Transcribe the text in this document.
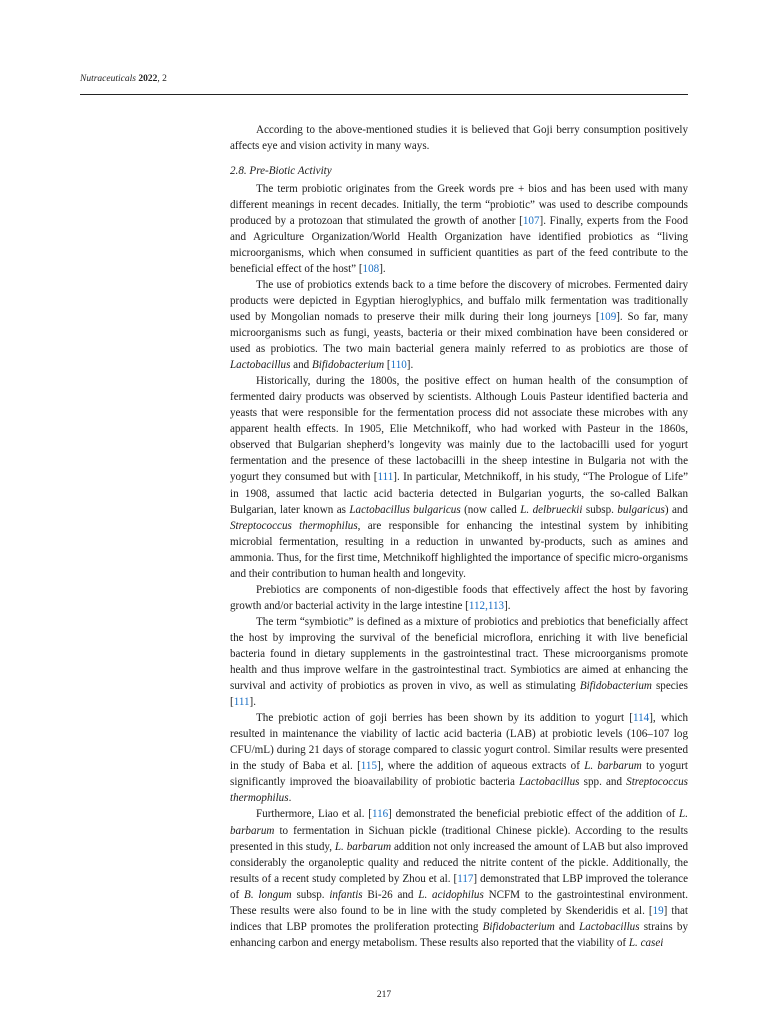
Nutraceuticals 2022, 2

According to the above-mentioned studies it is believed that Goji berry consumption positively affects eye and vision activity in many ways.

2.8. Pre-Biotic Activity

The term probiotic originates from the Greek words pre + bios and has been used with many different meanings in recent decades. Initially, the term “probiotic” was used to describe compounds produced by a protozoan that stimulated the growth of another [107]. Finally, experts from the Food and Agriculture Organization/World Health Organization have identified probiotics as “living microorganisms, which when consumed in sufficient quantities as part of the feed contribute to the beneficial effect of the host” [108].

The use of probiotics extends back to a time before the discovery of microbes. Fermented dairy products were depicted in Egyptian hieroglyphics, and buffalo milk fermentation was traditionally used by Mongolian nomads to preserve their milk during their long journeys [109]. So far, many microorganisms such as fungi, yeasts, bacteria or their mixed combination have been considered or used as probiotics. The two main bacterial genera mainly referred to as probiotics are those of Lactobacillus and Bifidobacterium [110].

Historically, during the 1800s, the positive effect on human health of the consumption of fermented dairy products was observed by scientists. Although Louis Pasteur identified bacteria and yeasts that were responsible for the fermentation process did not associate these microbes with any apparent health effects. In 1905, Elie Metchnikoff, who had worked with Pasteur in the 1860s, observed that Bulgarian shepherd’s longevity was mainly due to the lactobacilli used for yogurt fermentation and the presence of these lactobacilli in the sheep intestine in Bulgaria not with the yogurt they consumed but with [111]. In particular, Metchnikoff, in his study, “The Prologue of Life” in 1908, assumed that lactic acid bacteria detected in Bulgarian yogurts, the so-called Balkan Bulgarian, later known as Lactobacillus bulgaricus (now called L. delbrueckii subsp. bulgaricus) and Streptococcus thermophilus, are responsible for enhancing the intestinal system by inhibiting microbial fermentation, resulting in a reduction in unwanted by-products, such as amines and ammonia. Thus, for the first time, Metchnikoff highlighted the importance of specific micro-organisms and their contribution to human health and longevity.

Prebiotics are components of non-digestible foods that effectively affect the host by favoring growth and/or bacterial activity in the large intestine [112,113].

The term “symbiotic” is defined as a mixture of probiotics and prebiotics that beneficially affect the host by improving the survival of the beneficial microflora, enriching it with live beneficial bacteria found in dietary supplements in the gastrointestinal tract. These microorganisms promote health and thus improve welfare in the gastrointestinal tract. Symbiotics are aimed at enhancing the survival and activity of probiotics as proven in vivo, as well as stimulating Bifidobacterium species [111].

The prebiotic action of goji berries has been shown by its addition to yogurt [114], which resulted in maintenance the viability of lactic acid bacteria (LAB) at probiotic levels (106–107 log CFU/mL) during 21 days of storage compared to classic yogurt control. Similar results were presented in the study of Baba et al. [115], where the addition of aqueous extracts of L. barbarum to yogurt significantly improved the bioavailability of probiotic bacteria Lactobacillus spp. and Streptococcus thermophilus.

Furthermore, Liao et al. [116] demonstrated the beneficial prebiotic effect of the addition of L. barbarum to fermentation in Sichuan pickle (traditional Chinese pickle). According to the results presented in this study, L. barbarum addition not only increased the amount of LAB but also improved considerably the organoleptic quality and reduced the nitrite content of the pickle. Additionally, the results of a recent study completed by Zhou et al. [117] demonstrated that LBP improved the tolerance of B. longum subsp. infantis Bi-26 and L. acidophilus NCFM to the gastrointestinal environment. These results were also found to be in line with the study completed by Skenderidis et al. [19] that indices that LBP promotes the proliferation protecting Bifidobacterium and Lactobacillus strains by enhancing carbon and energy metabolism. These results also reported that the viability of L. casei

217
